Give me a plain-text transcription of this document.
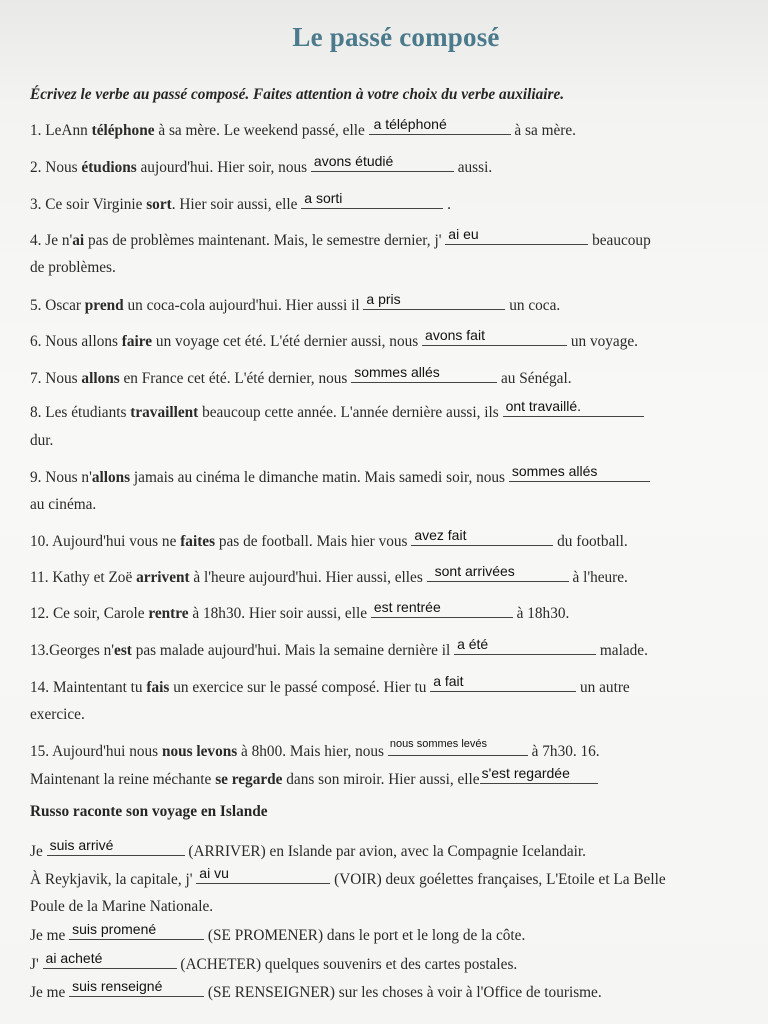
Le passé composé
Écrivez le verbe au passé composé. Faites attention à votre choix du verbe auxiliaire.
1. LeAnn téléphone à sa mère. Le weekend passé, elle a téléphoné	à sa mère.
2. Nous étudions aujourd'hui. Hier soir, nous avons étudié	aussi.
3. Ce soir Virginie sort. Hier soir aussi, elle a sorti	.
4. Je n'ai pas de problèmes maintenant. Mais, le semestre dernier, j' ai eu	beaucoup
de problèmes.
5. Oscar prend un coca-cola aujourd'hui. Hier aussi il a pris	un coca.
6. Nous allons faire un voyage cet été. L'été dernier aussi, nous avons fait	un voyage.
7. Nous allons en France cet été. L'été dernier, nous sommes allés	au Sénégal.
8. Les étudiants travaillent beaucoup cette année. L'année dernière aussi, ils ont travaillé.
dur.
9. Nous n'allons jamais au cinéma le dimanche matin. Mais samedi soir, nous sommes allés
au cinéma.
10. Aujourd'hui vous ne faites pas de football. Mais hier vous avez fait	du football.
11. Kathy et Zoë arrivent à l'heure aujourd'hui. Hier aussi, elles sont arrivées	à l'heure.
12. Ce soir, Carole rentre à 18h30. Hier soir aussi, elle est rentrée	à 18h30.
13.Georges n'est pas malade aujourd'hui. Mais la semaine dernière il a été	malade.
14. Maintentant tu fais un exercice sur le passé composé. Hier tu a fait	un autre
exercice.
15. Aujourd'hui nous nous levons à 8h00. Mais hier, nous nous sommes levés	à 7h30. 16.
Maintenant la reine méchante se regarde dans son miroir. Hier aussi, elle s'est regardée
Russo raconte son voyage en Islande
Je suis arrivé	(ARRIVER) en Islande par avion, avec la Compagnie Icelandair.
À Reykjavik, la capitale, j' ai vu	(VOIR) deux goélettes françaises, L'Etoile et La Belle
Poule de la Marine Nationale.
Je me suis promené	(SE PROMENER) dans le port et le long de la côte.
J' ai acheté	(ACHETER) quelques souvenirs et des cartes postales.
Je me suis renseigné	(SE RENSEIGNER) sur les choses à voir à l'Office de tourisme.
